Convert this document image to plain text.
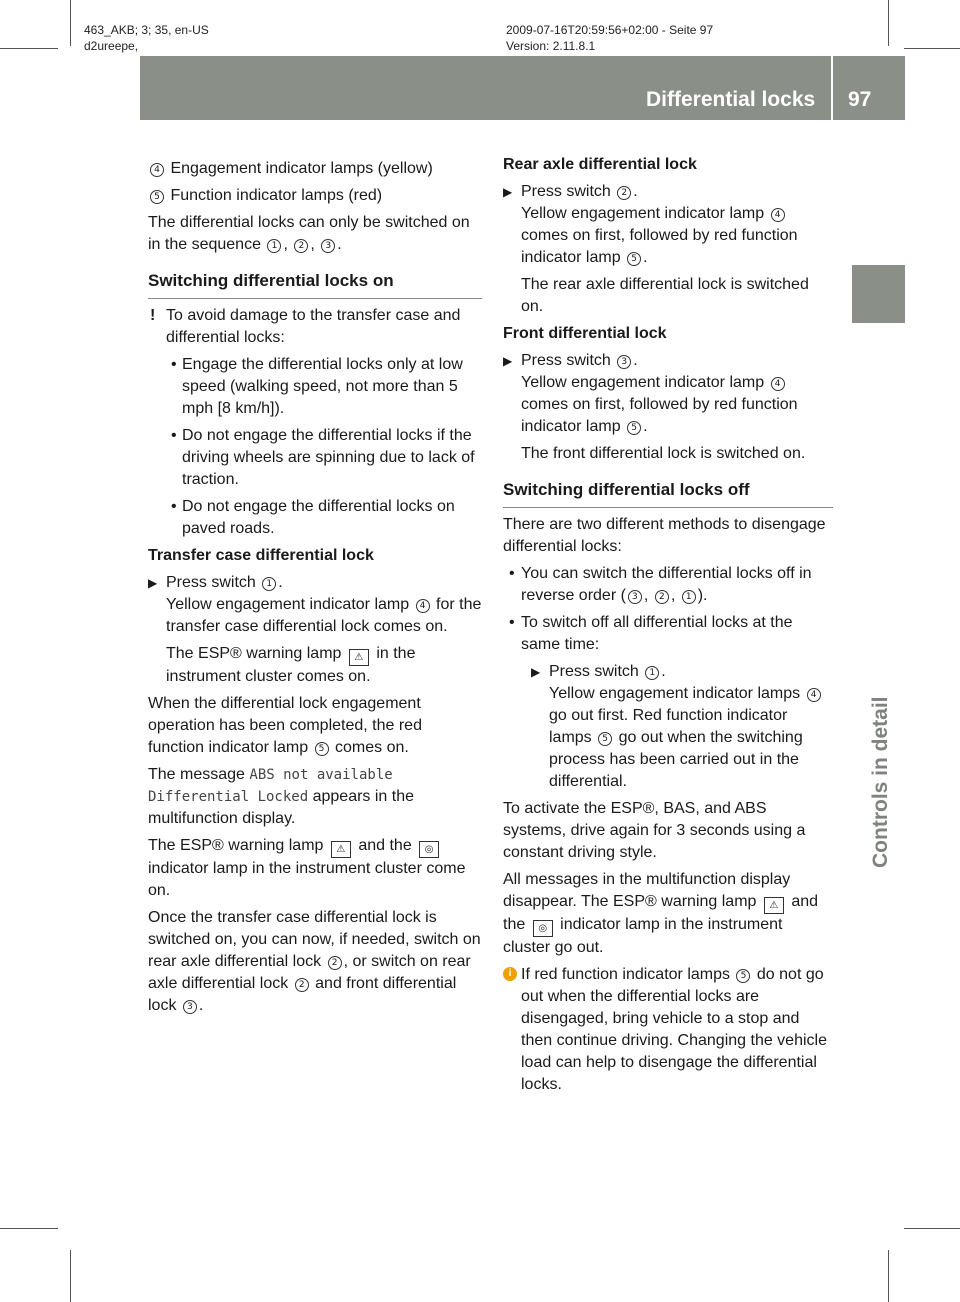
463_AKB; 3; 35, en-US
d2ureepe,
2009-07-16T20:59:56+02:00 - Seite 97
Version: 2.11.8.1
Differential locks 97
Controls in detail

4 Engagement indicator lamps (yellow)

5 Function indicator lamps (red)

The differential locks can only be switched on in the sequence 1 , 2 , 3 .

Switching differential locks on

! To avoid damage to the transfer case and differential locks:

• Engage the differential locks only at low speed (walking speed, not more than 5 mph [8 km/h]).

• Do not engage the differential locks if the driving wheels are spinning due to lack of traction.

• Do not engage the differential locks on paved roads.

Transfer case differential lock

▶ Press switch 1 .

Yellow engagement indicator lamp 4 for the transfer case differential lock comes on.

The ESP® warning lamp ⚠ in the instrument cluster comes on.

When the differential lock engagement operation has been completed, the red function indicator lamp 5 comes on.

The message ABS not available
Differential Locked appears in the multifunction display.

The ESP® warning lamp ⚠ and the ◎ indicator lamp in the instrument cluster come on.

Once the transfer case differential lock is switched on, you can now, if needed, switch on rear axle differential lock 2 , or switch on rear axle differential lock 2 and front differential lock 3 .

Rear axle differential lock

▶ Press switch 2 .

Yellow engagement indicator lamp 4 comes on first, followed by red function indicator lamp 5 .

The rear axle differential lock is switched on.

Front differential lock

▶ Press switch 3 .

Yellow engagement indicator lamp 4 comes on first, followed by red function indicator lamp 5 .

The front differential lock is switched on.

Switching differential locks off

There are two different methods to disengage differential locks:

• You can switch the differential locks off in reverse order ( 3 , 2 , 1 ).

• To switch off all differential locks at the same time:

▶ Press switch 1 .

Yellow engagement indicator lamps 4 go out first. Red function indicator lamps 5 go out when the switching process has been carried out in the differential.

To activate the ESP®, BAS, and ABS systems, drive again for 3 seconds using a constant driving style.

All messages in the multifunction display disappear. The ESP® warning lamp ⚠ and the ◎ indicator lamp in the instrument cluster go out.

i If red function indicator lamps 5 do not go out when the differential locks are disengaged, bring vehicle to a stop and then continue driving. Changing the vehicle load can help to disengage the differential locks.
